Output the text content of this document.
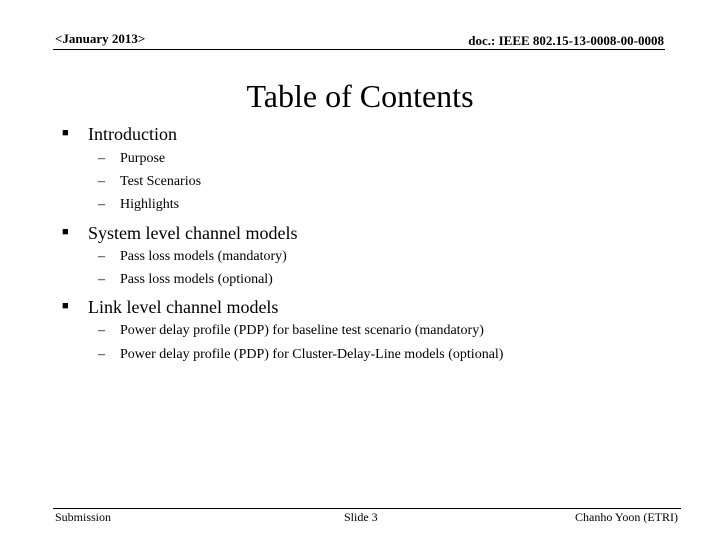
<January 2013>	doc.: IEEE 802.15-13-0008-00-0008
Table of Contents
■ Introduction
– Purpose
– Test Scenarios
– Highlights
■ System level channel models
– Pass loss models (mandatory)
– Pass loss models (optional)
■ Link level channel models
– Power delay profile (PDP) for baseline test scenario (mandatory)
– Power delay profile (PDP) for Cluster-Delay-Line models (optional)
Submission	Slide 3	Chanho Yoon (ETRI)
